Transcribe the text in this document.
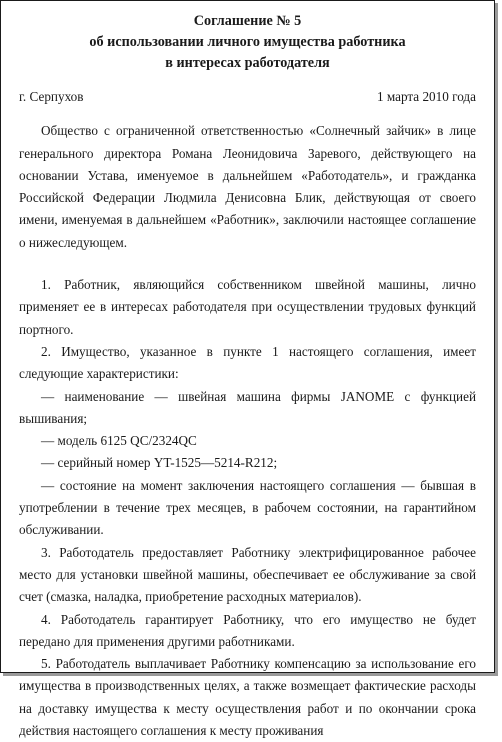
Соглашение № 5
об использовании личного имущества работника
в интересах работодателя
г. Серпухов	1 марта 2010 года

Общество с ограниченной ответственностью «Солнечный зайчик» в лице генерального директора Романа Леонидовича Заревого, действующего на основании Устава, именуемое в дальнейшем «Работодатель», и гражданка Российской Федерации Людмила Денисовна Блик, действующая от своего имени, именуемая в дальнейшем «Работник», заключили настоящее соглашение о нижеследующем.

1. Работник, являющийся собственником швейной машины, лично применяет ее в интересах работодателя при осуществлении трудовых функций портного.

2. Имущество, указанное в пункте 1 настоящего соглашения, имеет следующие характеристики:

— наименование — швейная машина фирмы JANOME с функцией вышивания;

— модель 6125 QC/2324QC

— серийный номер YT-1525—5214-R212;

— состояние на момент заключения настоящего соглашения — бывшая в употреблении в течение трех месяцев, в рабочем состоянии, на гарантийном обслуживании.

3. Работодатель предоставляет Работнику электрифицированное рабочее место для установки швейной машины, обеспечивает ее обслуживание за свой счет (смазка, наладка, приобретение расходных материалов).

4. Работодатель гарантирует Работнику, что его имущество не будет передано для применения другими работниками.

5. Работодатель выплачивает Работнику компенсацию за использование его имущества в производственных целях, а также возмещает фактические расходы на доставку имущества к месту осуществления работ и по окончании срока действия настоящего соглашения к месту проживания
